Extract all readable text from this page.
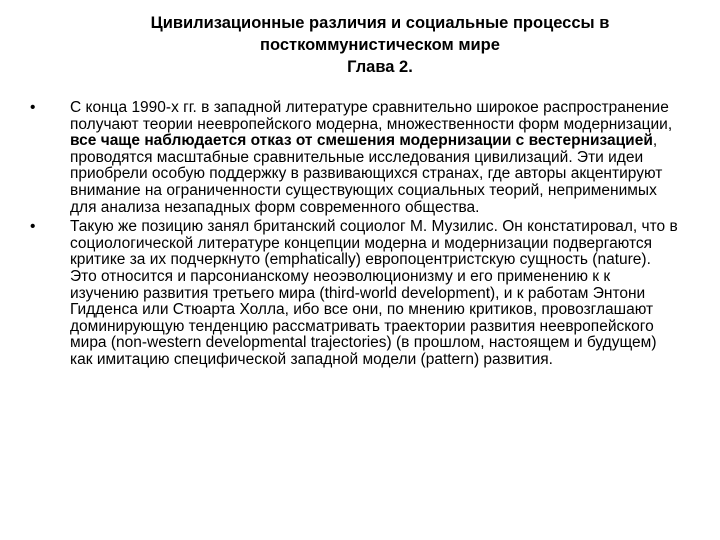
Цивилизационные различия и социальные процессы в
посткоммунистическом мире
Глава 2.
• С конца 1990-х гг. в западной литературе сравнительно широкое распространение получают теории неевропейского модерна, множественности форм модернизации, все чаще наблюдается отказ от смешения модернизации с вестернизацией, проводятся масштабные сравнительные исследования цивилизаций. Эти идеи приобрели особую поддержку в развивающихся странах, где авторы акцентируют внимание на ограниченности существующих социальных теорий, неприменимых для анализа незападных форм современного общества.
• Такую же позицию занял британский социолог М. Музилис. Он констатировал, что в социологической литературе концепции модерна и модернизации подвергаются критике за их подчеркнуто (emphatically) европоцентристскую сущность (nature). Это относится и парсонианскому неоэволюционизму и его применению к к изучению развития третьего мира (third-world development), и к работам Энтони Гидденса или Стюарта Холла, ибо все они, по мнению критиков, провозглашают доминирующую тенденцию рассматривать траектории развития неевропейского мира (non-western developmental trajectories) (в прошлом, настоящем и будущем) как имитацию специфической западной модели (pattern) развития.
